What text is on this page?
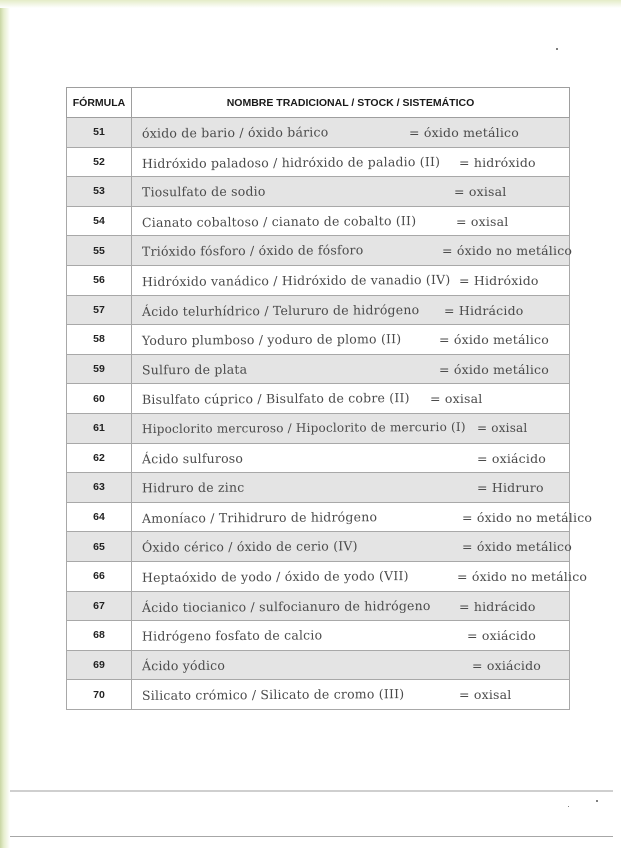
FÓRMULA	NOMBRE TRADICIONAL / STOCK / SISTEMÁTICO
51	óxido de bario / óxido bárico = óxido metálico

52	Hidróxido paladoso / hidróxido de paladio (II) = hidróxido

53	Tiosulfato de sodio = oxisal

54	Cianato cobaltoso / cianato de cobalto (II) = oxisal

55	Trióxido fósforo / óxido de fósforo = óxido no metálico

56	Hidróxido vanádico / Hidróxido de vanadio (IV) = Hidróxido

57	Ácido telurhídrico / Telururo de hidrógeno = Hidrácido

58	Yoduro plumboso / yoduro de plomo (II) = óxido metálico

59	Sulfuro de plata = óxido metálico

60	Bisulfato cúprico / Bisulfato de cobre (II) = oxisal

61	Hipoclorito mercuroso / Hipoclorito de mercurio (I) = oxisal

62	Ácido sulfuroso = oxiácido

63	Hidruro de zinc = Hidruro

64	Amoníaco / Trihidruro de hidrógeno = óxido no metálico

65	Óxido cérico / óxido de cerio (IV) = óxido metálico

66	Heptaóxido de yodo / óxido de yodo (VII) = óxido no metálico

67	Ácido tiocianico / sulfocianuro de hidrógeno = hidrácido

68	Hidrógeno fosfato de calcio = oxiácido

69	Ácido yódico = oxiácido

70	Silicato crómico / Silicato de cromo (III) = oxisal
